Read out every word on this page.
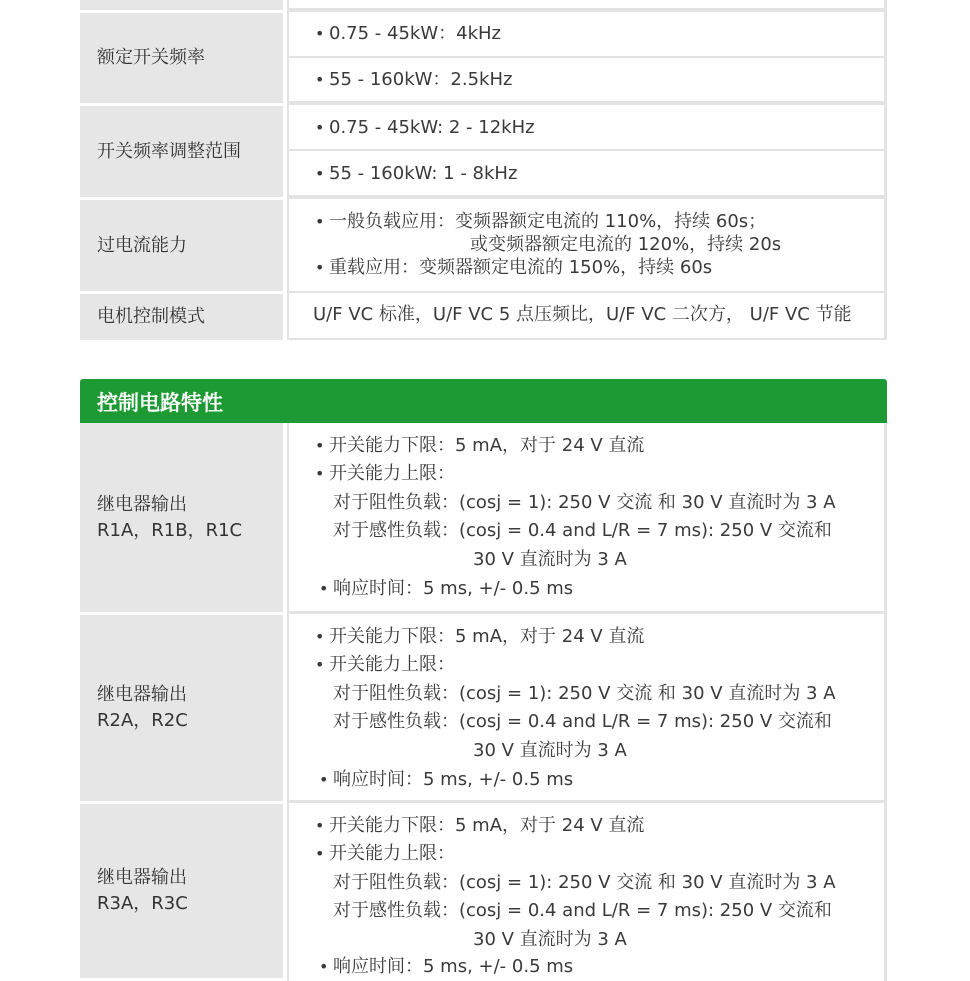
额定开关频率
• 0.75 - 45kW：4kHz
• 55 - 160kW：2.5kHz
开关频率调整范围
• 0.75 - 45kW: 2 - 12kHz
• 55 - 160kW: 1 - 8kHz
过电流能力
• 一般负载应用：变频器额定电流的 110%，持续 60s；
或变频器额定电流的 120%，持续 20s
• 重载应用：变频器额定电流的 150%，持续 60s
电机控制模式	U/F VC 标准，U/F VC 5 点压频比，U/F VC 二次方， U/F VC 节能
控制电路特性
继电器输出
R1A，R1B，R1C
• 开关能力下限：5 mA，对于 24 V 直流
• 开关能力上限：
对于阻性负载：(cosj = 1): 250 V 交流 和 30 V 直流时为 3 A
对于感性负载：(cosj = 0.4 and L/R = 7 ms): 250 V 交流和
30 V 直流时为 3 A
• 响应时间：5 ms, +/- 0.5 ms
继电器输出
R2A，R2C
• 开关能力下限：5 mA，对于 24 V 直流
• 开关能力上限：
对于阻性负载：(cosj = 1): 250 V 交流 和 30 V 直流时为 3 A
对于感性负载：(cosj = 0.4 and L/R = 7 ms): 250 V 交流和
30 V 直流时为 3 A
• 响应时间：5 ms, +/- 0.5 ms
继电器输出
R3A，R3C
• 开关能力下限：5 mA，对于 24 V 直流
• 开关能力上限：
对于阻性负载：(cosj = 1): 250 V 交流 和 30 V 直流时为 3 A
对于感性负载：(cosj = 0.4 and L/R = 7 ms): 250 V 交流和
30 V 直流时为 3 A
• 响应时间：5 ms, +/- 0.5 ms
